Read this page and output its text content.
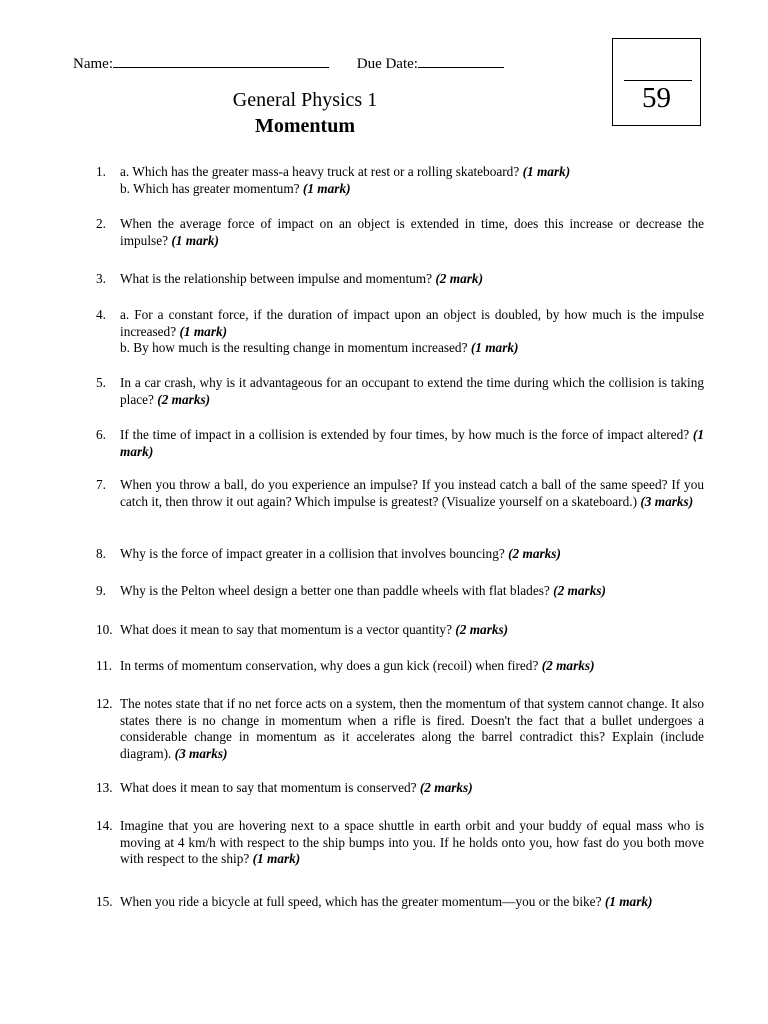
Name:	Due Date:
59
General Physics 1
Momentum
1.	a. Which has the greater mass-a heavy truck at rest or a rolling skateboard? (1 mark)
b. Which has greater momentum? (1 mark)
2.	When the average force of impact on an object is extended in time, does this increase or decrease the impulse? (1 mark)
3.	What is the relationship between impulse and momentum? (2 mark)
4.	a. For a constant force, if the duration of impact upon an object is doubled, by how much is the impulse increased? (1 mark)
b. By how much is the resulting change in momentum increased? (1 mark)
5.	In a car crash, why is it advantageous for an occupant to extend the time during which the collision is taking place? (2 marks)
6.	If the time of impact in a collision is extended by four times, by how much is the force of impact altered? (1 mark)
7.	When you throw a ball, do you experience an impulse? If you instead catch a ball of the same speed? If you catch it, then throw it out again? Which impulse is greatest? (Visualize yourself on a skateboard.) (3 marks)
8.	Why is the force of impact greater in a collision that involves bouncing? (2 marks)
9.	Why is the Pelton wheel design a better one than paddle wheels with flat blades? (2 marks)
10. What does it mean to say that momentum is a vector quantity? (2 marks)
11. In terms of momentum conservation, why does a gun kick (recoil) when fired? (2 marks)
12. The notes state that if no net force acts on a system, then the momentum of that system cannot change. It also states there is no change in momentum when a rifle is fired. Doesn't the fact that a bullet undergoes a considerable change in momentum as it accelerates along the barrel contradict this? Explain (include diagram). (3 marks)
13. What does it mean to say that momentum is conserved? (2 marks)
14. Imagine that you are hovering next to a space shuttle in earth orbit and your buddy of equal mass who is moving at 4 km/h with respect to the ship bumps into you. If he holds onto you, how fast do you both move with respect to the ship? (1 mark)
15. When you ride a bicycle at full speed, which has the greater momentum—you or the bike? (1 mark)
